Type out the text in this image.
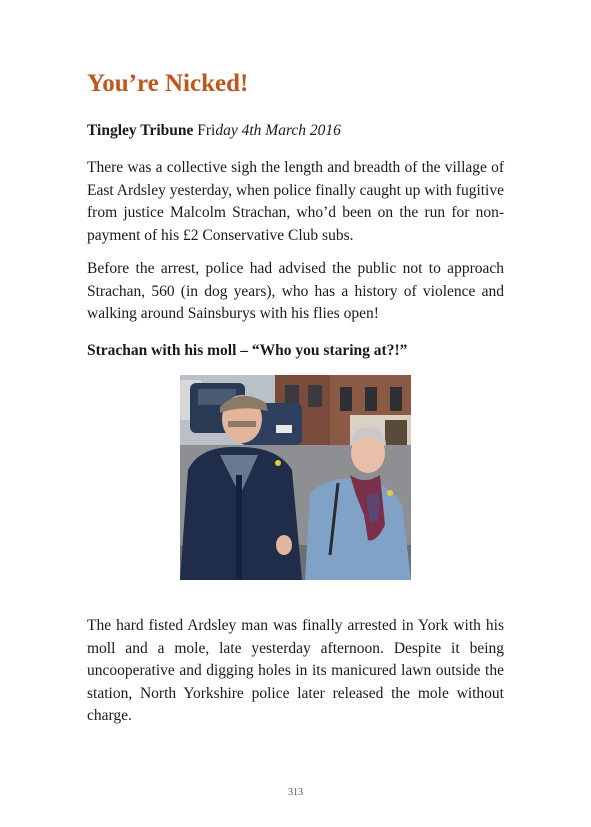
You’re Nicked!
Tingley Tribune Friday 4th March 2016

There was a collective sigh the length and breadth of the village of East Ardsley yesterday, when police finally caught up with fugitive from justice Malcolm Strachan, who’d been on the run for non-payment of his £2 Conservative Club subs.

Before the arrest, police had advised the public not to approach Strachan, 560 (in dog years), who has a history of violence and walking around Sainsburys with his flies open!

Strachan with his moll – “Who you staring at?!”

The hard fisted Ardsley man was finally arrested in York with his moll and a mole, late yesterday afternoon. Despite it being uncooperative and digging holes in its manicured lawn outside the station, North Yorkshire police later released the mole without charge.

313
